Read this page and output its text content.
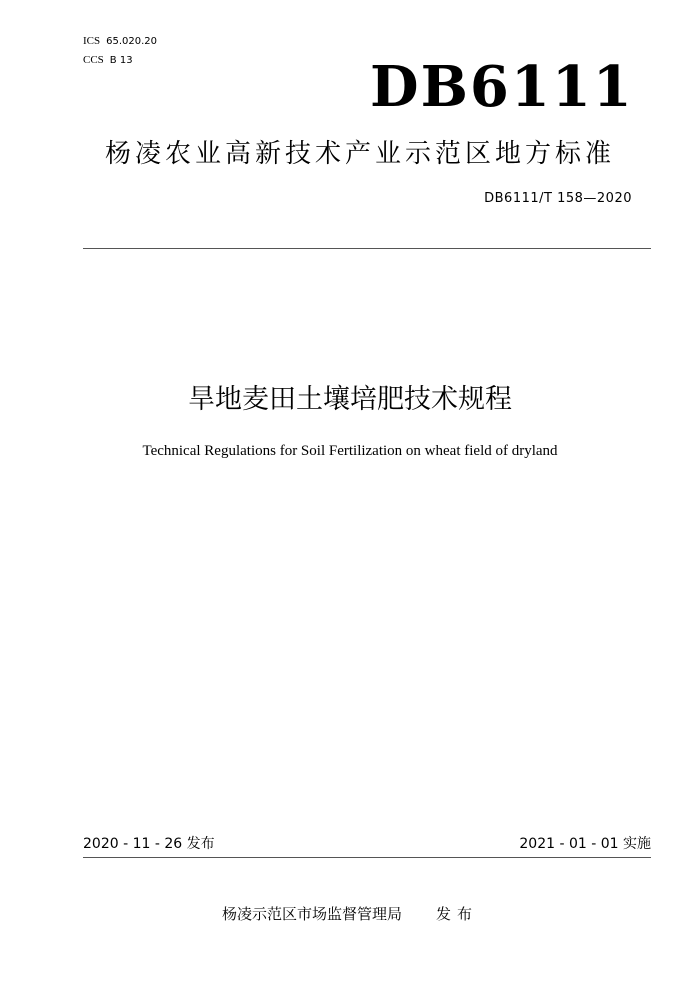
ICS 65.020.20
CCS B 13	DB6111
杨凌农业高新技术产业示范区地方标准
DB6111/T 158—2020
旱地麦田土壤培肥技术规程
Technical Regulations for Soil Fertilization on wheat field of dryland
2020 - 11 - 26 发布	2021 - 01 - 01 实施
杨凌示范区市场监督管理局 发布
